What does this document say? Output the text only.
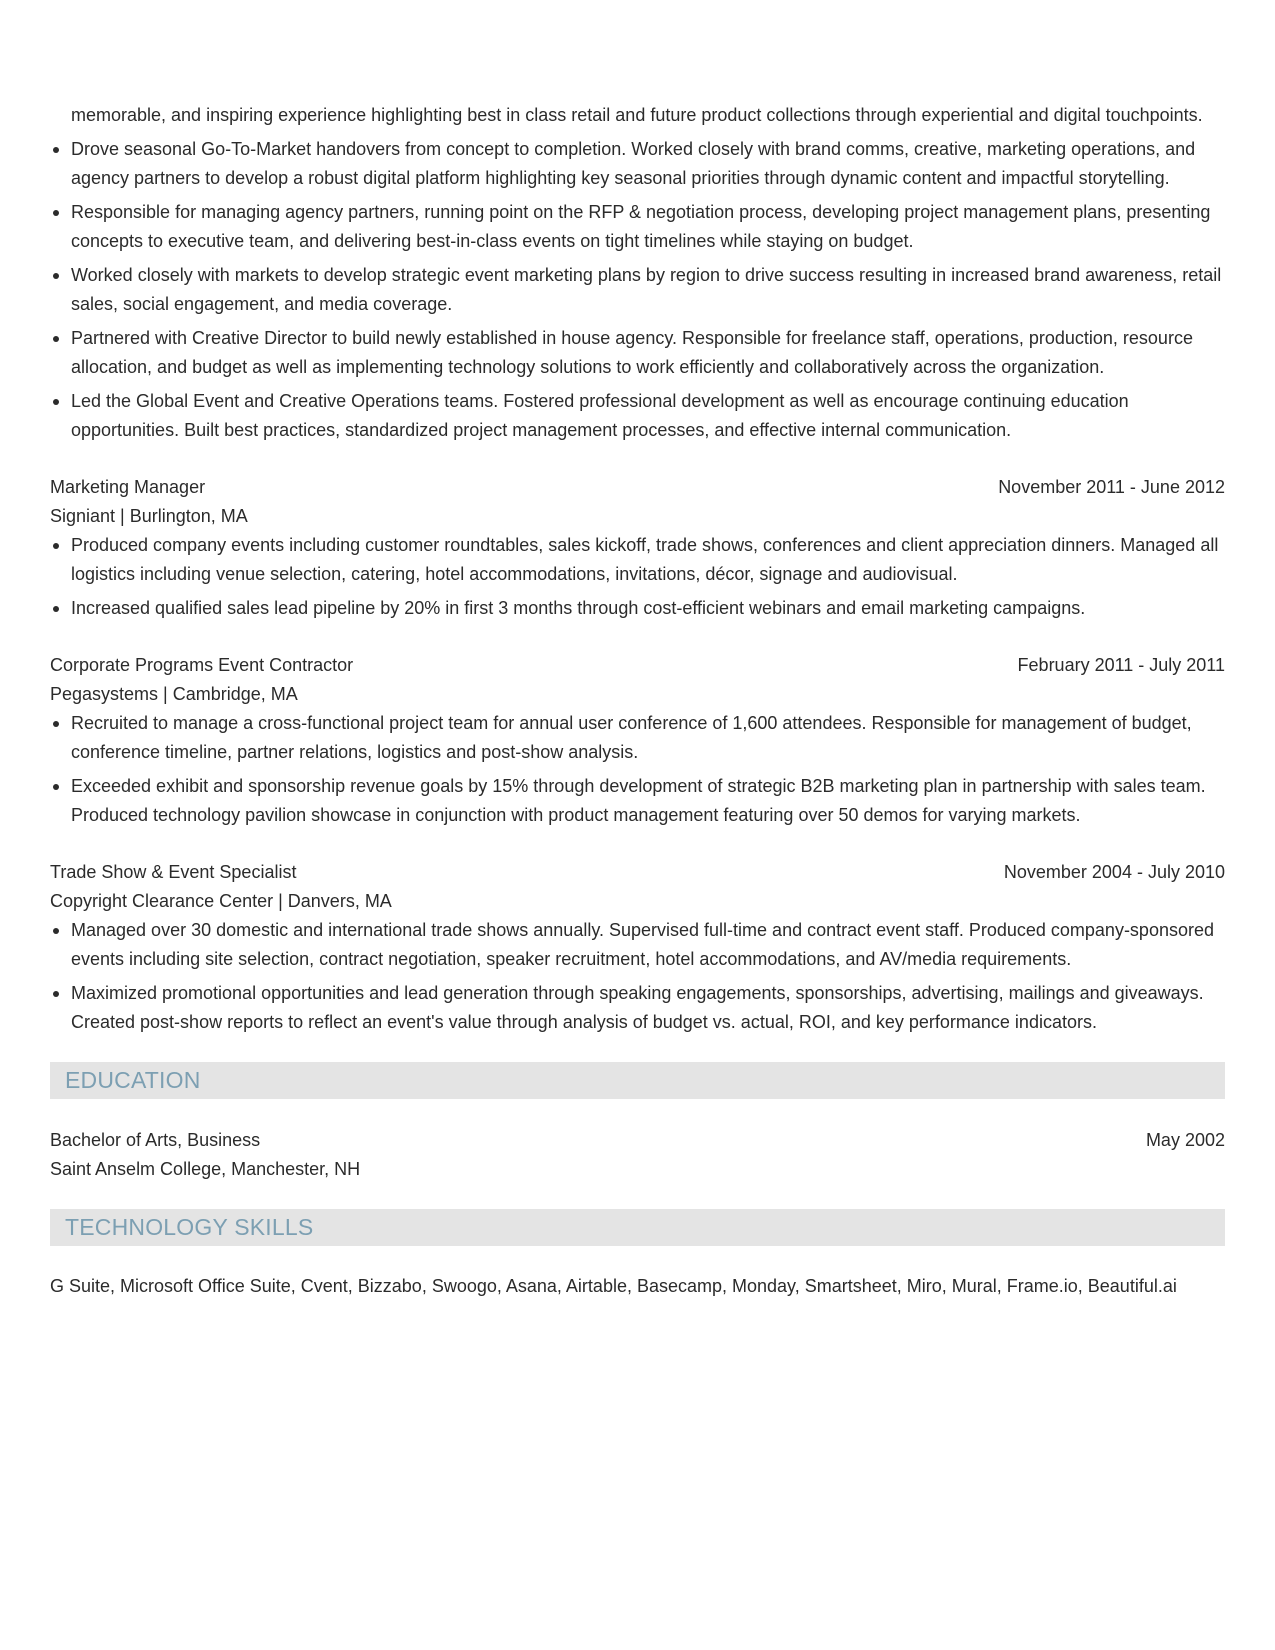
memorable, and inspiring experience highlighting best in class retail and future product collections through experiential and digital touchpoints.
Drove seasonal Go-To-Market handovers from concept to completion. Worked closely with brand comms, creative, marketing operations, and agency partners to develop a robust digital platform highlighting key seasonal priorities through dynamic content and impactful storytelling.
Responsible for managing agency partners, running point on the RFP & negotiation process, developing project management plans, presenting concepts to executive team, and delivering best-in-class events on tight timelines while staying on budget.
Worked closely with markets to develop strategic event marketing plans by region to drive success resulting in increased brand awareness, retail sales, social engagement, and media coverage.
Partnered with Creative Director to build newly established in house agency. Responsible for freelance staff, operations, production, resource allocation, and budget as well as implementing technology solutions to work efficiently and collaboratively across the organization.
Led the Global Event and Creative Operations teams. Fostered professional development as well as encourage continuing education opportunities. Built best practices, standardized project management processes, and effective internal communication.
Marketing Manager	November 2011 - June 2012
Signiant | Burlington, MA
Produced company events including customer roundtables, sales kickoff, trade shows, conferences and client appreciation dinners. Managed all logistics including venue selection, catering, hotel accommodations, invitations, décor, signage and audiovisual.
Increased qualified sales lead pipeline by 20% in first 3 months through cost-efficient webinars and email marketing campaigns.
Corporate Programs Event Contractor	February 2011 - July 2011
Pegasystems | Cambridge, MA
Recruited to manage a cross-functional project team for annual user conference of 1,600 attendees. Responsible for management of budget, conference timeline, partner relations, logistics and post-show analysis.
Exceeded exhibit and sponsorship revenue goals by 15% through development of strategic B2B marketing plan in partnership with sales team. Produced technology pavilion showcase in conjunction with product management featuring over 50 demos for varying markets.
Trade Show & Event Specialist	November 2004 - July 2010
Copyright Clearance Center | Danvers, MA
Managed over 30 domestic and international trade shows annually. Supervised full-time and contract event staff. Produced company-sponsored events including site selection, contract negotiation, speaker recruitment, hotel accommodations, and AV/media requirements.
Maximized promotional opportunities and lead generation through speaking engagements, sponsorships, advertising, mailings and giveaways. Created post-show reports to reflect an event's value through analysis of budget vs. actual, ROI, and key performance indicators.
EDUCATION
Bachelor of Arts, Business	May 2002
Saint Anselm College, Manchester, NH
TECHNOLOGY SKILLS
G Suite, Microsoft Office Suite, Cvent, Bizzabo, Swoogo, Asana, Airtable, Basecamp, Monday, Smartsheet, Miro, Mural, Frame.io, Beautiful.ai
